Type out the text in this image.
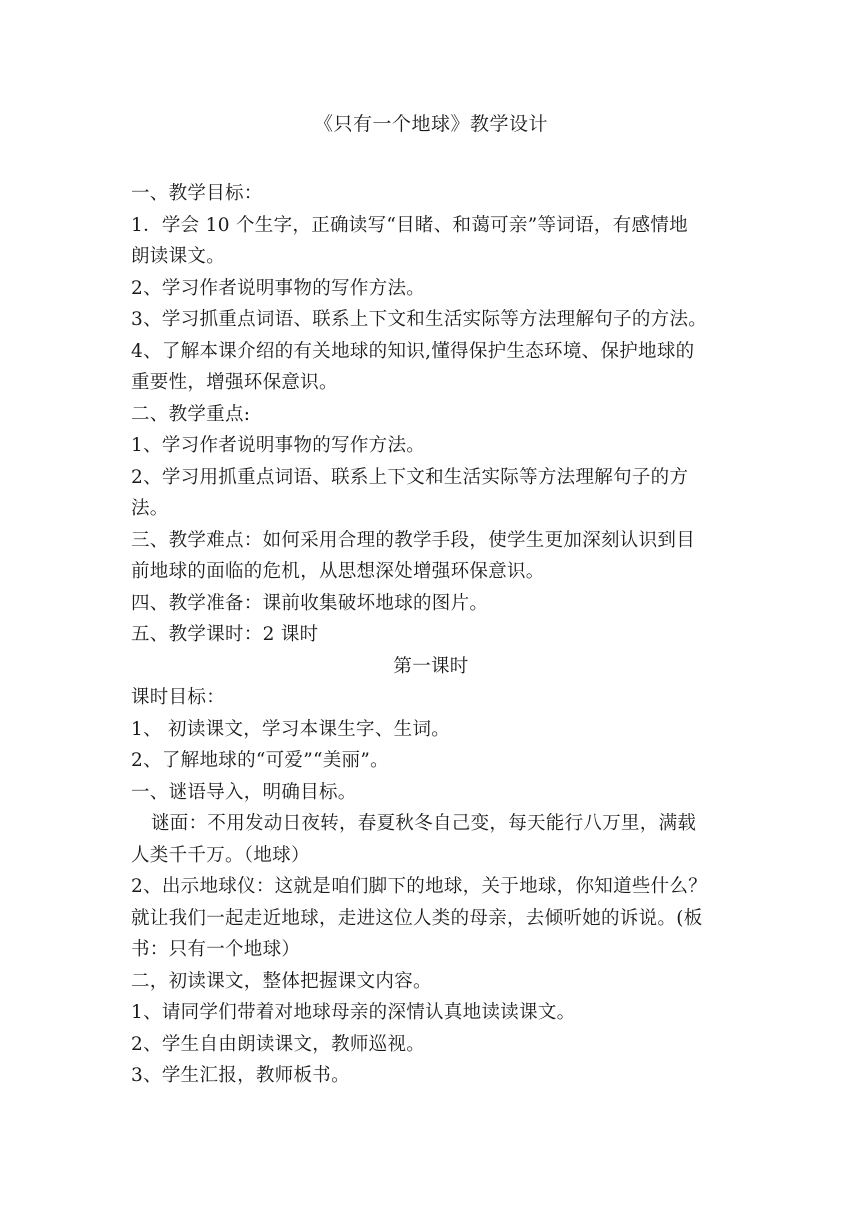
《只有一个地球》教学设计
一、教学目标：
1．学会 10 个生字，正确读写“目睹、和蔼可亲”等词语，有感情地
朗读课文。
2、学习作者说明事物的写作方法。
3、学习抓重点词语、联系上下文和生活实际等方法理解句子的方法。
4、了解本课介绍的有关地球的知识,懂得保护生态环境、保护地球的
重要性，增强环保意识。
二、教学重点:
1、学习作者说明事物的写作方法。
2、学习用抓重点词语、联系上下文和生活实际等方法理解句子的方
法。
三、教学难点：如何采用合理的教学手段，使学生更加深刻认识到目
前地球的面临的危机，从思想深处增强环保意识。
四、教学准备：课前收集破坏地球的图片。
五、教学课时：2 课时
第一课时
课时目标：
1、 初读课文，学习本课生字、生词。
2、了解地球的“可爱”“美丽”。
一、谜语导入，明确目标。
谜面：不用发动日夜转，春夏秋冬自己变，每天能行八万里，满载
人类千千万。（地球）
2、出示地球仪：这就是咱们脚下的地球，关于地球，你知道些什么？
就让我们一起走近地球，走进这位人类的母亲，去倾听她的诉说。(板
书：只有一个地球）
二，初读课文，整体把握课文内容。
1、请同学们带着对地球母亲的深情认真地读读课文。
2、学生自由朗读课文，教师巡视。
3、学生汇报，教师板书。
